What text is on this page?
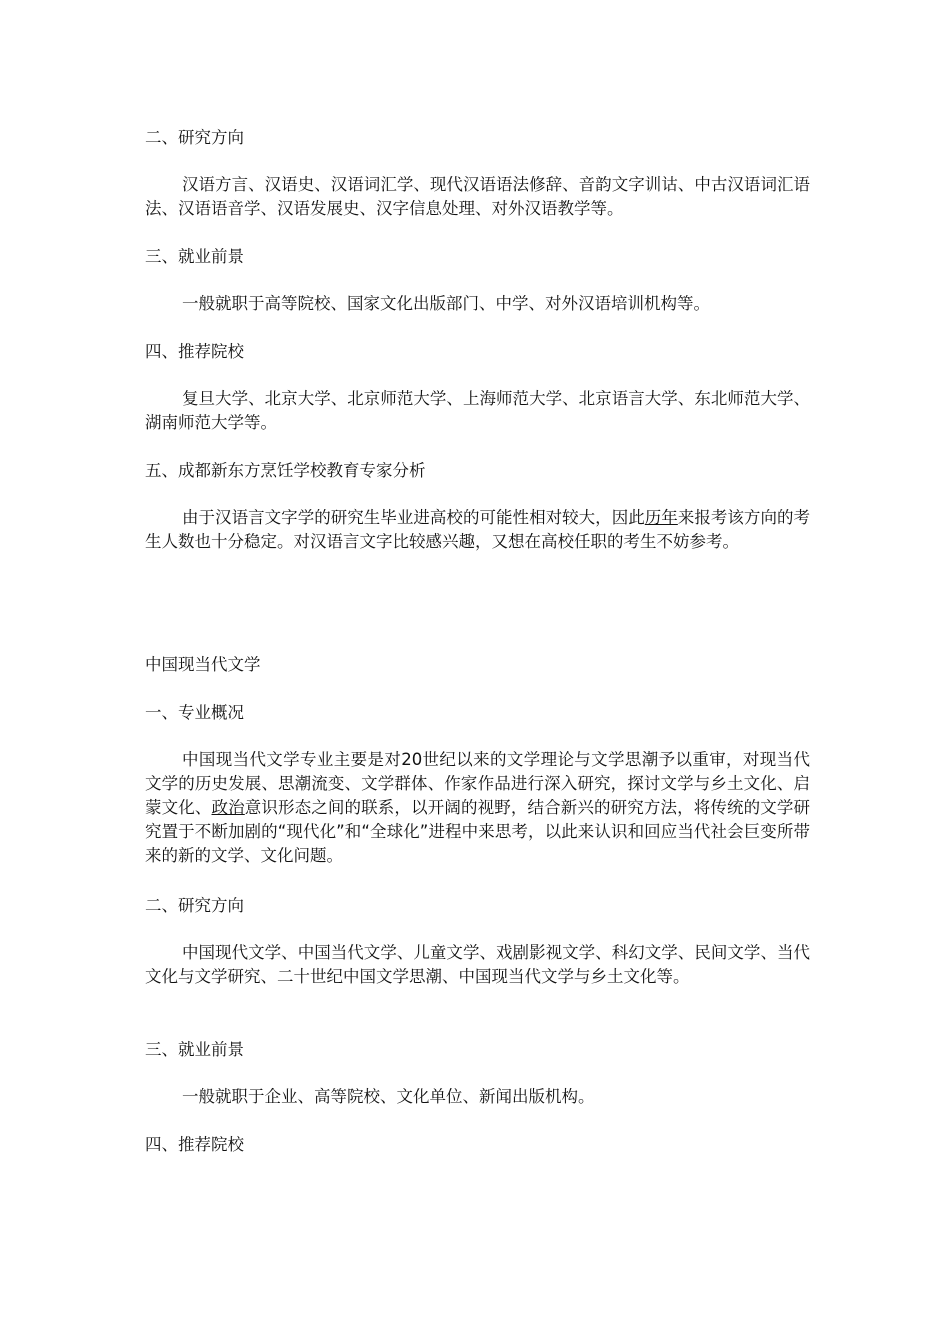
二、研究方向

汉语方言、汉语史、汉语词汇学、现代汉语语法修辞、音韵文字训诂、中古汉语词汇语法、汉语语音学、汉语发展史、汉字信息处理、对外汉语教学等。

三、就业前景

一般就职于高等院校、国家文化出版部门、中学、对外汉语培训机构等。

四、推荐院校

复旦大学、北京大学、北京师范大学、上海师范大学、北京语言大学、东北师范大学、湖南师范大学等。

五、成都新东方烹饪学校教育专家分析

由于汉语言文字学的研究生毕业进高校的可能性相对较大，因此历年来报考该方向的考生人数也十分稳定。对汉语言文字比较感兴趣，又想在高校任职的考生不妨参考。

中国现当代文学

一、专业概况

中国现当代文学专业主要是对20世纪以来的文学理论与文学思潮予以重审，对现当代文学的历史发展、思潮流变、文学群体、作家作品进行深入研究，探讨文学与乡土文化、启蒙文化、政治意识形态之间的联系，以开阔的视野，结合新兴的研究方法，将传统的文学研究置于不断加剧的“现代化”和“全球化”进程中来思考，以此来认识和回应当代社会巨变所带来的新的文学、文化问题。

二、研究方向

中国现代文学、中国当代文学、儿童文学、戏剧影视文学、科幻文学、民间文学、当代文化与文学研究、二十世纪中国文学思潮、中国现当代文学与乡土文化等。

三、就业前景

一般就职于企业、高等院校、文化单位、新闻出版机构。

四、推荐院校
